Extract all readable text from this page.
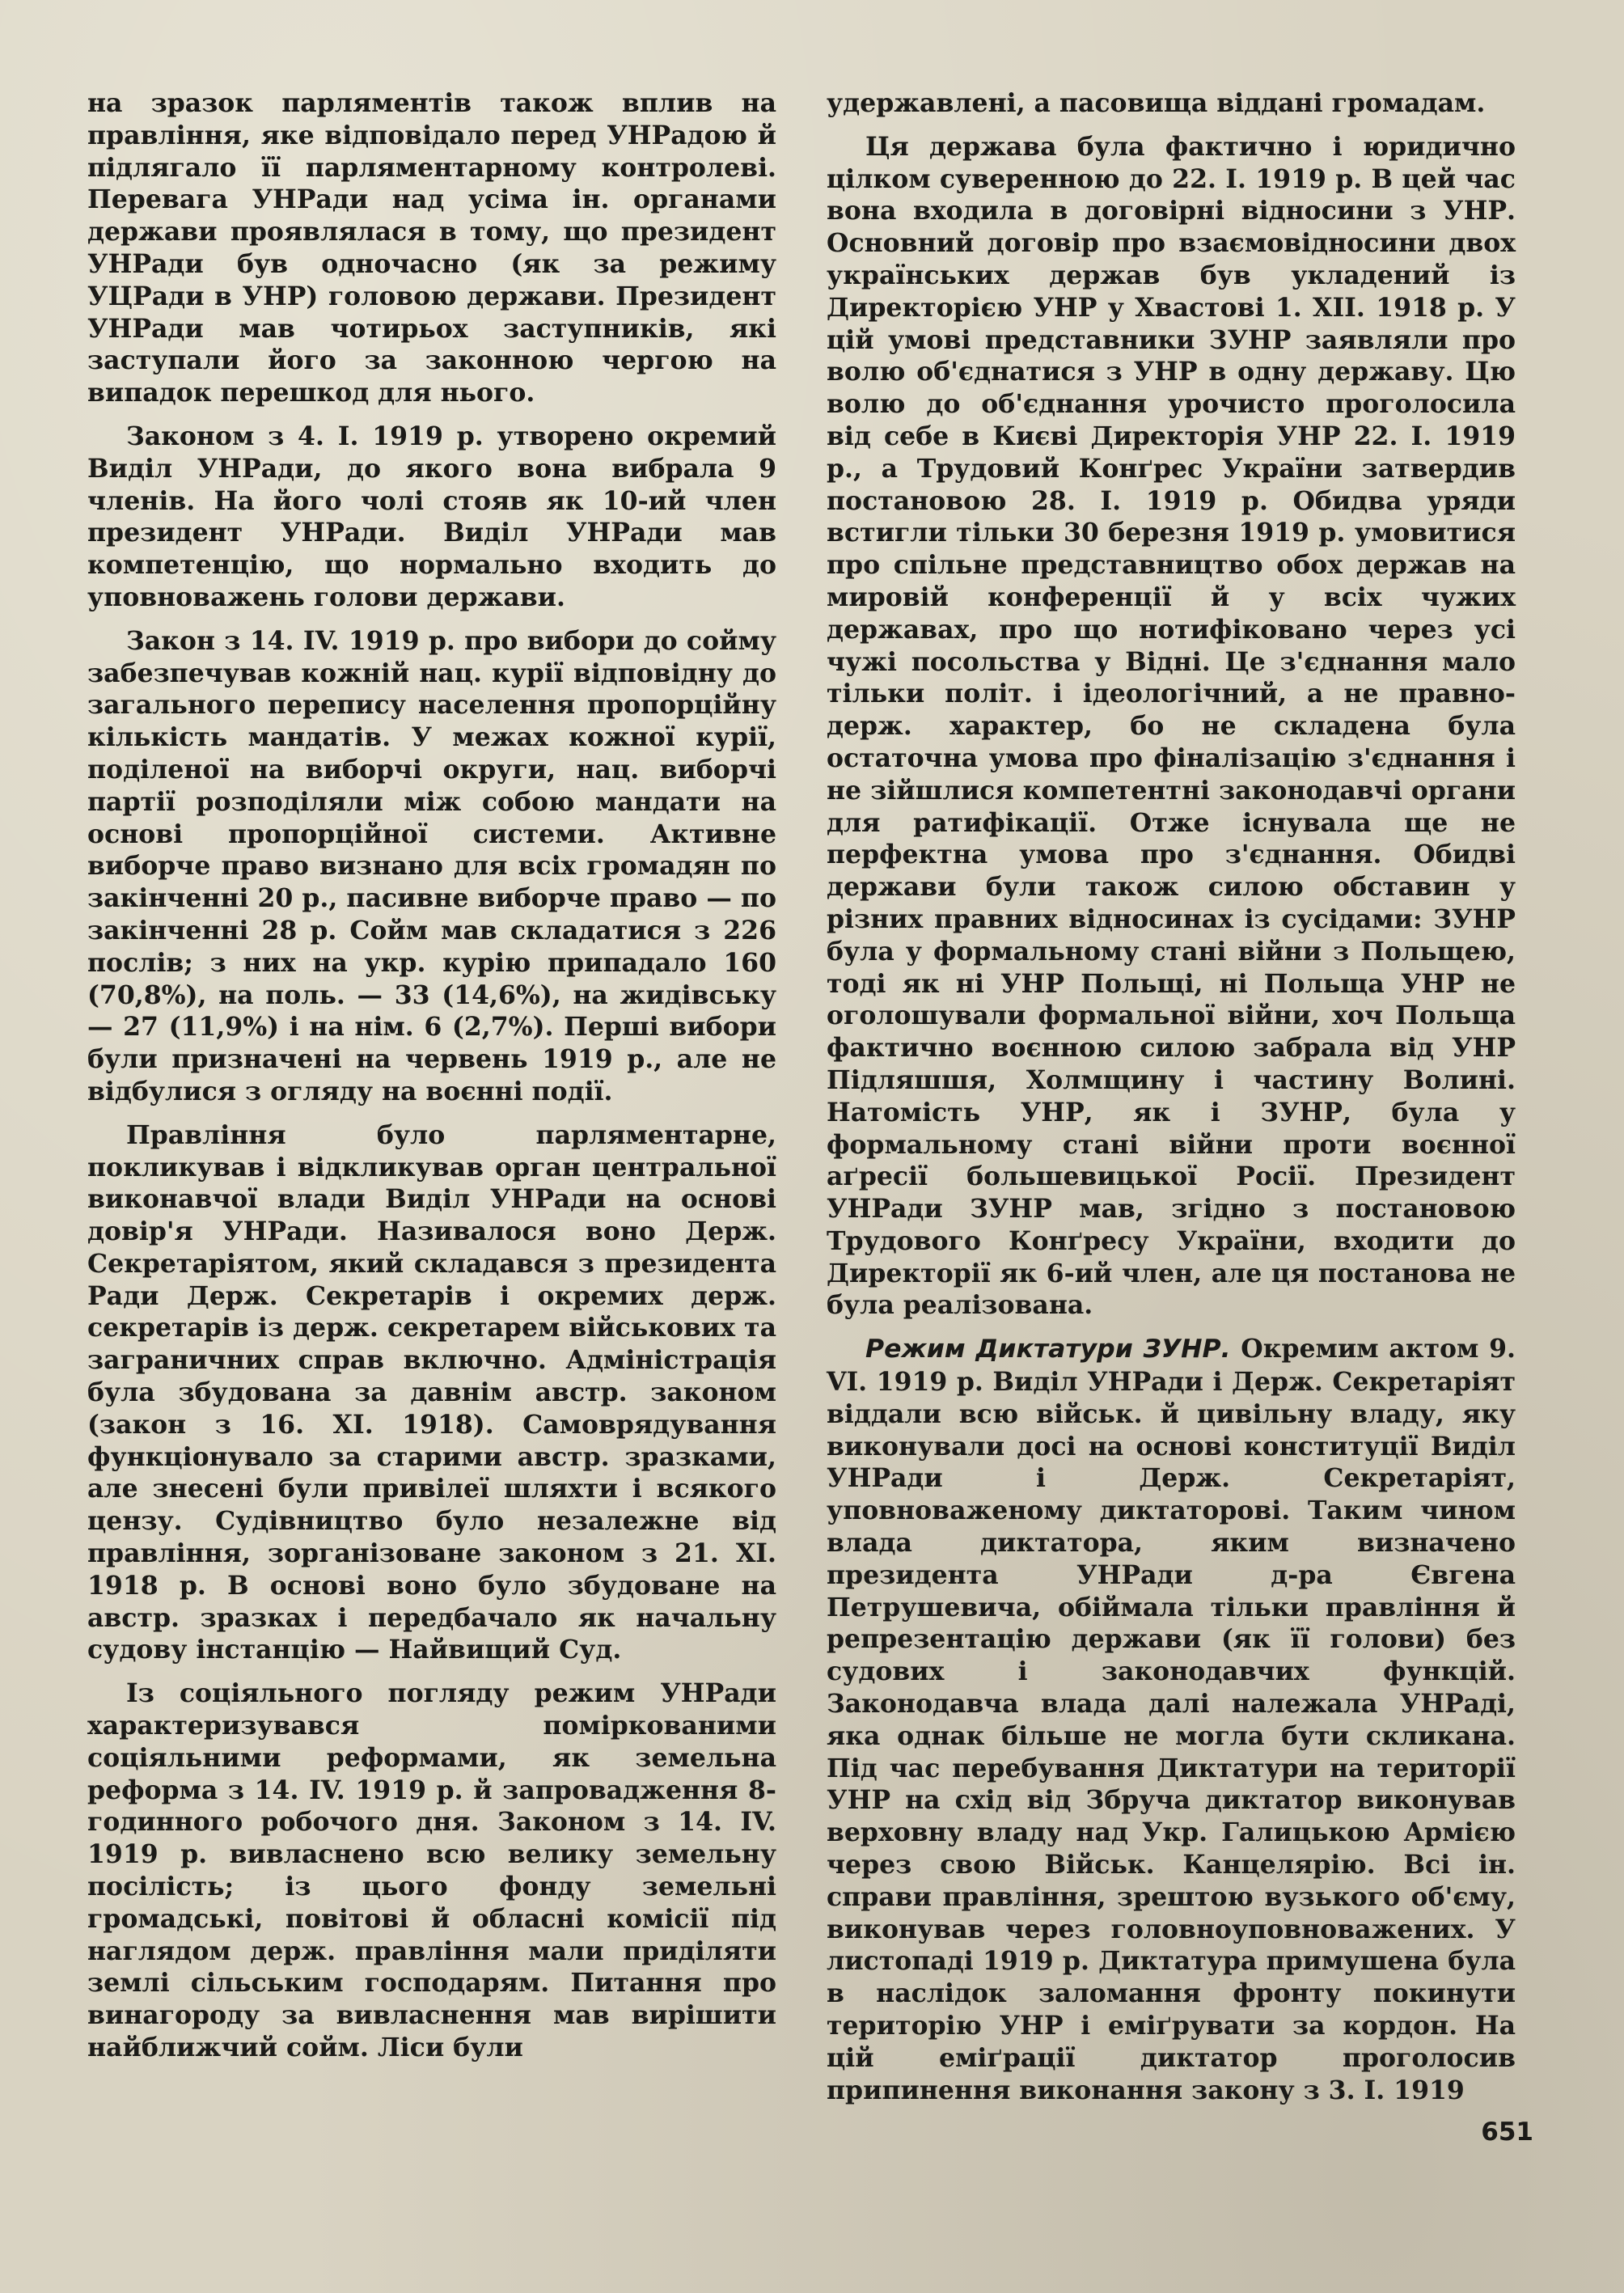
на зразок парляментів також вплив на правління, яке відповідало перед УНРадою й підлягало її парляментарному контролеві. Перевага УНРади над усіма ін. органами держави проявлялася в тому, що президент УНРади був одночасно (як за режиму УЦРади в УНР) головою держави. Президент УНРади мав чотирьох заступників, які заступали його за законною чергою на випадок перешкод для нього.

Законом з 4. І. 1919 р. утворено окремий Виділ УНРади, до якого вона вибрала 9 членів. На його чолі стояв як 10-ий член президент УНРади. Виділ УНРади мав компетенцію, що нормально входить до уповноважень голови держави.

Закон з 14. IV. 1919 р. про вибори до сойму забезпечував кожній нац. курії відповідну до загального перепису населення пропорційну кількість мандатів. У межах кожної курії, поділеної на виборчі округи, нац. виборчі партії розподіляли між собою мандати на основі пропорційної системи. Активне виборче право визнано для всіх громадян по закінченні 20 р., пасивне виборче право — по закінченні 28 р. Сойм мав складатися з 226 послів; з них на укр. курію припадало 160 (70,8%), на поль. — 33 (14,6%), на жидівську — 27 (11,9%) і на нім. 6 (2,7%). Перші вибори були призначені на червень 1919 р., але не відбулися з огляду на воєнні події.

Правління було парляментарне, покликував і відкликував орган центральної виконавчої влади Виділ УНРади на основі довір'я УНРади. Називалося воно Держ. Секретаріятом, який складався з президента Ради Держ. Секретарів і окремих держ. секретарів із держ. секретарем військових та заграничних справ включно. Адміністрація була збудована за давнім австр. законом (закон з 16. XI. 1918). Самоврядування функціонувало за старими австр. зразками, але знесені були привілеї шляхти і всякого цензу. Судівництво було незалежне від правління, зорганізоване законом з 21. XI. 1918 р. В основі воно було збудоване на австр. зразках і передбачало як начальну судову інстанцію — Найвищий Суд.

Із соціяльного погляду режим УНРади характеризувався поміркованими соціяльними реформами, як земельна реформа з 14. IV. 1919 р. й запровадження 8-годинного робочого дня. Законом з 14. IV. 1919 р. вивласнено всю велику земельну посілість; із цього фонду земельні громадські, повітові й обласні комісії під наглядом держ. правління мали приділяти землі сільським господарям. Питання про винагороду за вивласнення мав вирішити найближчий сойм. Ліси були

удержавлені, а пасовища віддані громадам.

Ця держава була фактично і юридично цілком суверенною до 22. І. 1919 р. В цей час вона входила в договірні відносини з УНР. Основний договір про взаємовідносини двох українських держав був укладений із Директорією УНР у Хвастові 1. XII. 1918 р. У цій умові представники ЗУНР заявляли про волю об'єднатися з УНР в одну державу. Цю волю до об'єднання урочисто проголосила від себе в Києві Директорія УНР 22. І. 1919 р., а Трудовий Конґрес України затвердив постановою 28. І. 1919 р. Обидва уряди встигли тільки 30 березня 1919 р. умовитися про спільне представництво обох держав на мировій конференції й у всіх чужих державах, про що нотифіковано через усі чужі посольства у Відні. Це з'єднання мало тільки політ. і ідеологічний, а не правно-держ. характер, бо не складена була остаточна умова про фіналізацію з'єднання і не зійшлися компетентні законодавчі органи для ратифікації. Отже існувала ще не перфектна умова про з'єднання. Обидві держави були також силою обставин у різних правних відносинах із сусідами: ЗУНР була у формальному стані війни з Польщею, тоді як ні УНР Польщі, ні Польща УНР не оголошували формальної війни, хоч Польща фактично воєнною силою забрала від УНР Підляшшя, Холмщину і частину Волині. Натомість УНР, як і ЗУНР, була у формальному стані війни проти воєнної аґресії большевицької Росії. Президент УНРади ЗУНР мав, згідно з постановою Трудового Конґресу України, входити до Директорії як 6-ий член, але ця постанова не була реалізована.

Режим Диктатури ЗУНР. Окремим актом 9. VI. 1919 р. Виділ УНРади і Держ. Секретаріят віддали всю військ. й цивільну владу, яку виконували досі на основі конституції Виділ УНРади і Держ. Секретаріят, уповноваженому диктаторові. Таким чином влада диктатора, яким визначено президента УНРади д-ра Євгена Петрушевича, обіймала тільки правління й репрезентацію держави (як її голови) без судових і законодавчих функцій. Законодавча влада далі належала УНРаді, яка однак більше не могла бути скликана. Під час перебування Диктатури на території УНР на схід від Збруча диктатор виконував верховну владу над Укр. Галицькою Армією через свою Військ. Канцелярію. Всі ін. справи правління, зрештою вузького об'єму, виконував через головноуповноважених. У листопаді 1919 р. Диктатура примушена була в наслідок заломання фронту покинути територію УНР і еміґрувати за кордон. На цій еміґрації диктатор проголосив припинення виконання закону з 3. І. 1919

651
